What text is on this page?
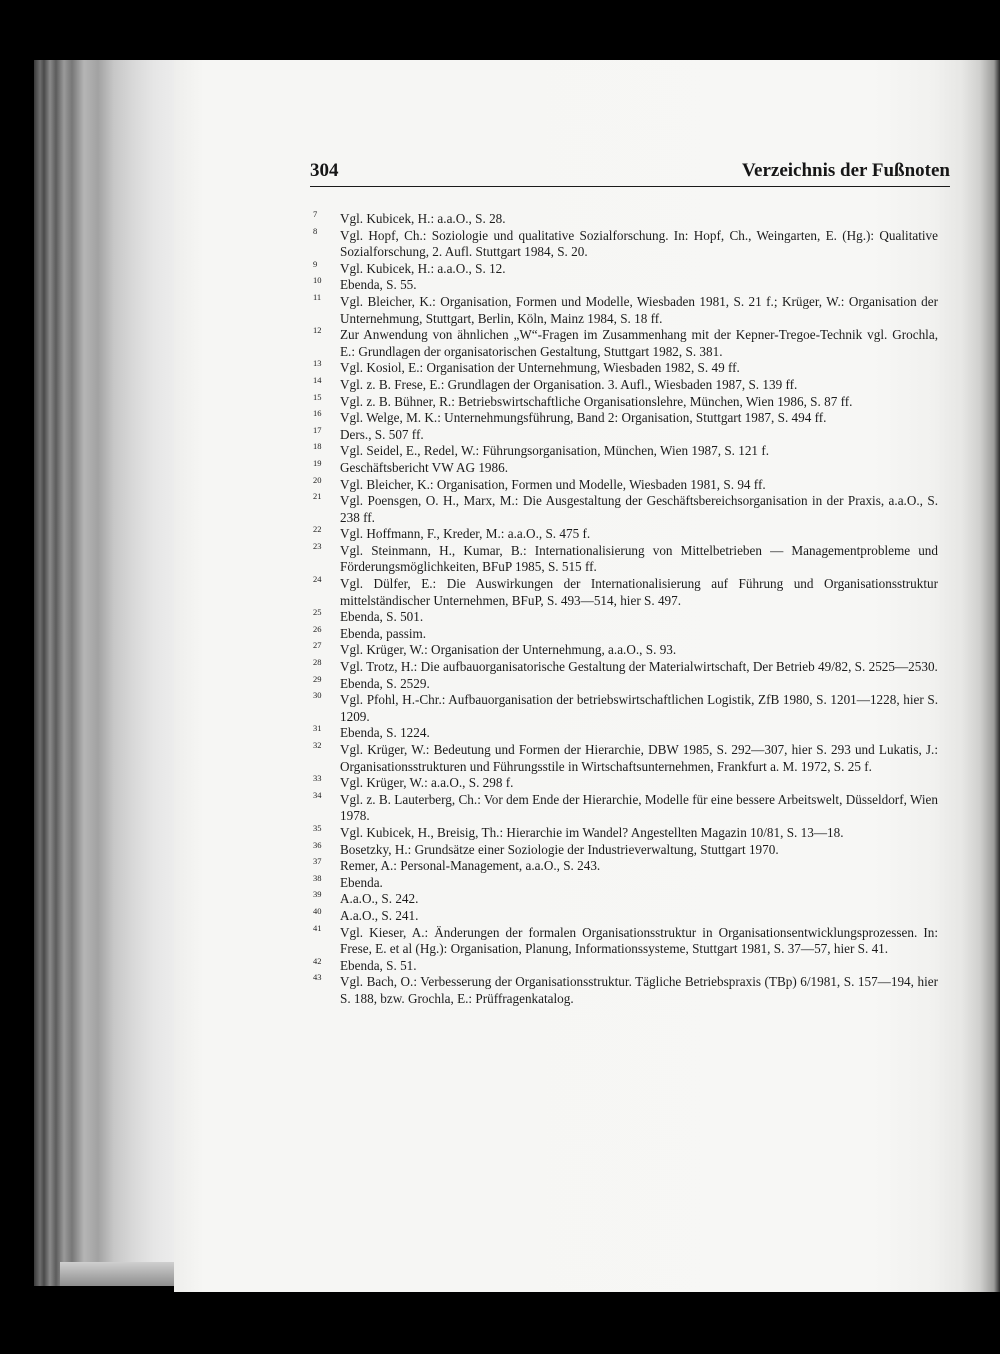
304	Verzeichnis der Fußnoten
7 Vgl. Kubicek, H.: a.a.O., S. 28.
8 Vgl. Hopf, Ch.: Soziologie und qualitative Sozialforschung. In: Hopf, Ch., Weingarten, E. (Hg.): Qualitative Sozialforschung, 2. Aufl. Stuttgart 1984, S. 20.
9 Vgl. Kubicek, H.: a.a.O., S. 12.
10 Ebenda, S. 55.
11 Vgl. Bleicher, K.: Organisation, Formen und Modelle, Wiesbaden 1981, S. 21 f.; Krüger, W.: Organisation der Unternehmung, Stuttgart, Berlin, Köln, Mainz 1984, S. 18 ff.
12 Zur Anwendung von ähnlichen „W“-Fragen im Zusammenhang mit der Kepner-Tregoe-Technik vgl. Grochla, E.: Grundlagen der organisatorischen Gestaltung, Stuttgart 1982, S. 381.
13 Vgl. Kosiol, E.: Organisation der Unternehmung, Wiesbaden 1982, S. 49 ff.
14 Vgl. z. B. Frese, E.: Grundlagen der Organisation. 3. Aufl., Wiesbaden 1987, S. 139 ff.
15 Vgl. z. B. Bühner, R.: Betriebswirtschaftliche Organisationslehre, München, Wien 1986, S. 87 ff.
16 Vgl. Welge, M. K.: Unternehmungsführung, Band 2: Organisation, Stuttgart 1987, S. 494 ff.
17 Ders., S. 507 ff.
18 Vgl. Seidel, E., Redel, W.: Führungsorganisation, München, Wien 1987, S. 121 f.
19 Geschäftsbericht VW AG 1986.
20 Vgl. Bleicher, K.: Organisation, Formen und Modelle, Wiesbaden 1981, S. 94 ff.
21 Vgl. Poensgen, O. H., Marx, M.: Die Ausgestaltung der Geschäftsbereichsorganisation in der Praxis, a.a.O., S. 238 ff.
22 Vgl. Hoffmann, F., Kreder, M.: a.a.O., S. 475 f.
23 Vgl. Steinmann, H., Kumar, B.: Internationalisierung von Mittelbetrieben — Managementprobleme und Förderungsmöglichkeiten, BFuP 1985, S. 515 ff.
24 Vgl. Dülfer, E.: Die Auswirkungen der Internationalisierung auf Führung und Organisationsstruktur mittelständischer Unternehmen, BFuP, S. 493—514, hier S. 497.
25 Ebenda, S. 501.
26 Ebenda, passim.
27 Vgl. Krüger, W.: Organisation der Unternehmung, a.a.O., S. 93.
28 Vgl. Trotz, H.: Die aufbauorganisatorische Gestaltung der Materialwirtschaft, Der Betrieb 49/82, S. 2525—2530.
29 Ebenda, S. 2529.
30 Vgl. Pfohl, H.-Chr.: Aufbauorganisation der betriebswirtschaftlichen Logistik, ZfB 1980, S. 1201—1228, hier S. 1209.
31 Ebenda, S. 1224.
32 Vgl. Krüger, W.: Bedeutung und Formen der Hierarchie, DBW 1985, S. 292—307, hier S. 293 und Lukatis, J.: Organisationsstrukturen und Führungsstile in Wirtschaftsunternehmen, Frankfurt a. M. 1972, S. 25 f.
33 Vgl. Krüger, W.: a.a.O., S. 298 f.
34 Vgl. z. B. Lauterberg, Ch.: Vor dem Ende der Hierarchie, Modelle für eine bessere Arbeitswelt, Düsseldorf, Wien 1978.
35 Vgl. Kubicek, H., Breisig, Th.: Hierarchie im Wandel? Angestellten Magazin 10/81, S. 13—18.
36 Bosetzky, H.: Grundsätze einer Soziologie der Industrieverwaltung, Stuttgart 1970.
37 Remer, A.: Personal-Management, a.a.O., S. 243.
38 Ebenda.
39 A.a.O., S. 242.
40 A.a.O., S. 241.
41 Vgl. Kieser, A.: Änderungen der formalen Organisationsstruktur in Organisationsentwicklungsprozessen. In: Frese, E. et al (Hg.): Organisation, Planung, Informationssysteme, Stuttgart 1981, S. 37—57, hier S. 41.
42 Ebenda, S. 51.
43 Vgl. Bach, O.: Verbesserung der Organisationsstruktur. Tägliche Betriebspraxis (TBp) 6/1981, S. 157—194, hier S. 188, bzw. Grochla, E.: Prüffragenkatalog.
